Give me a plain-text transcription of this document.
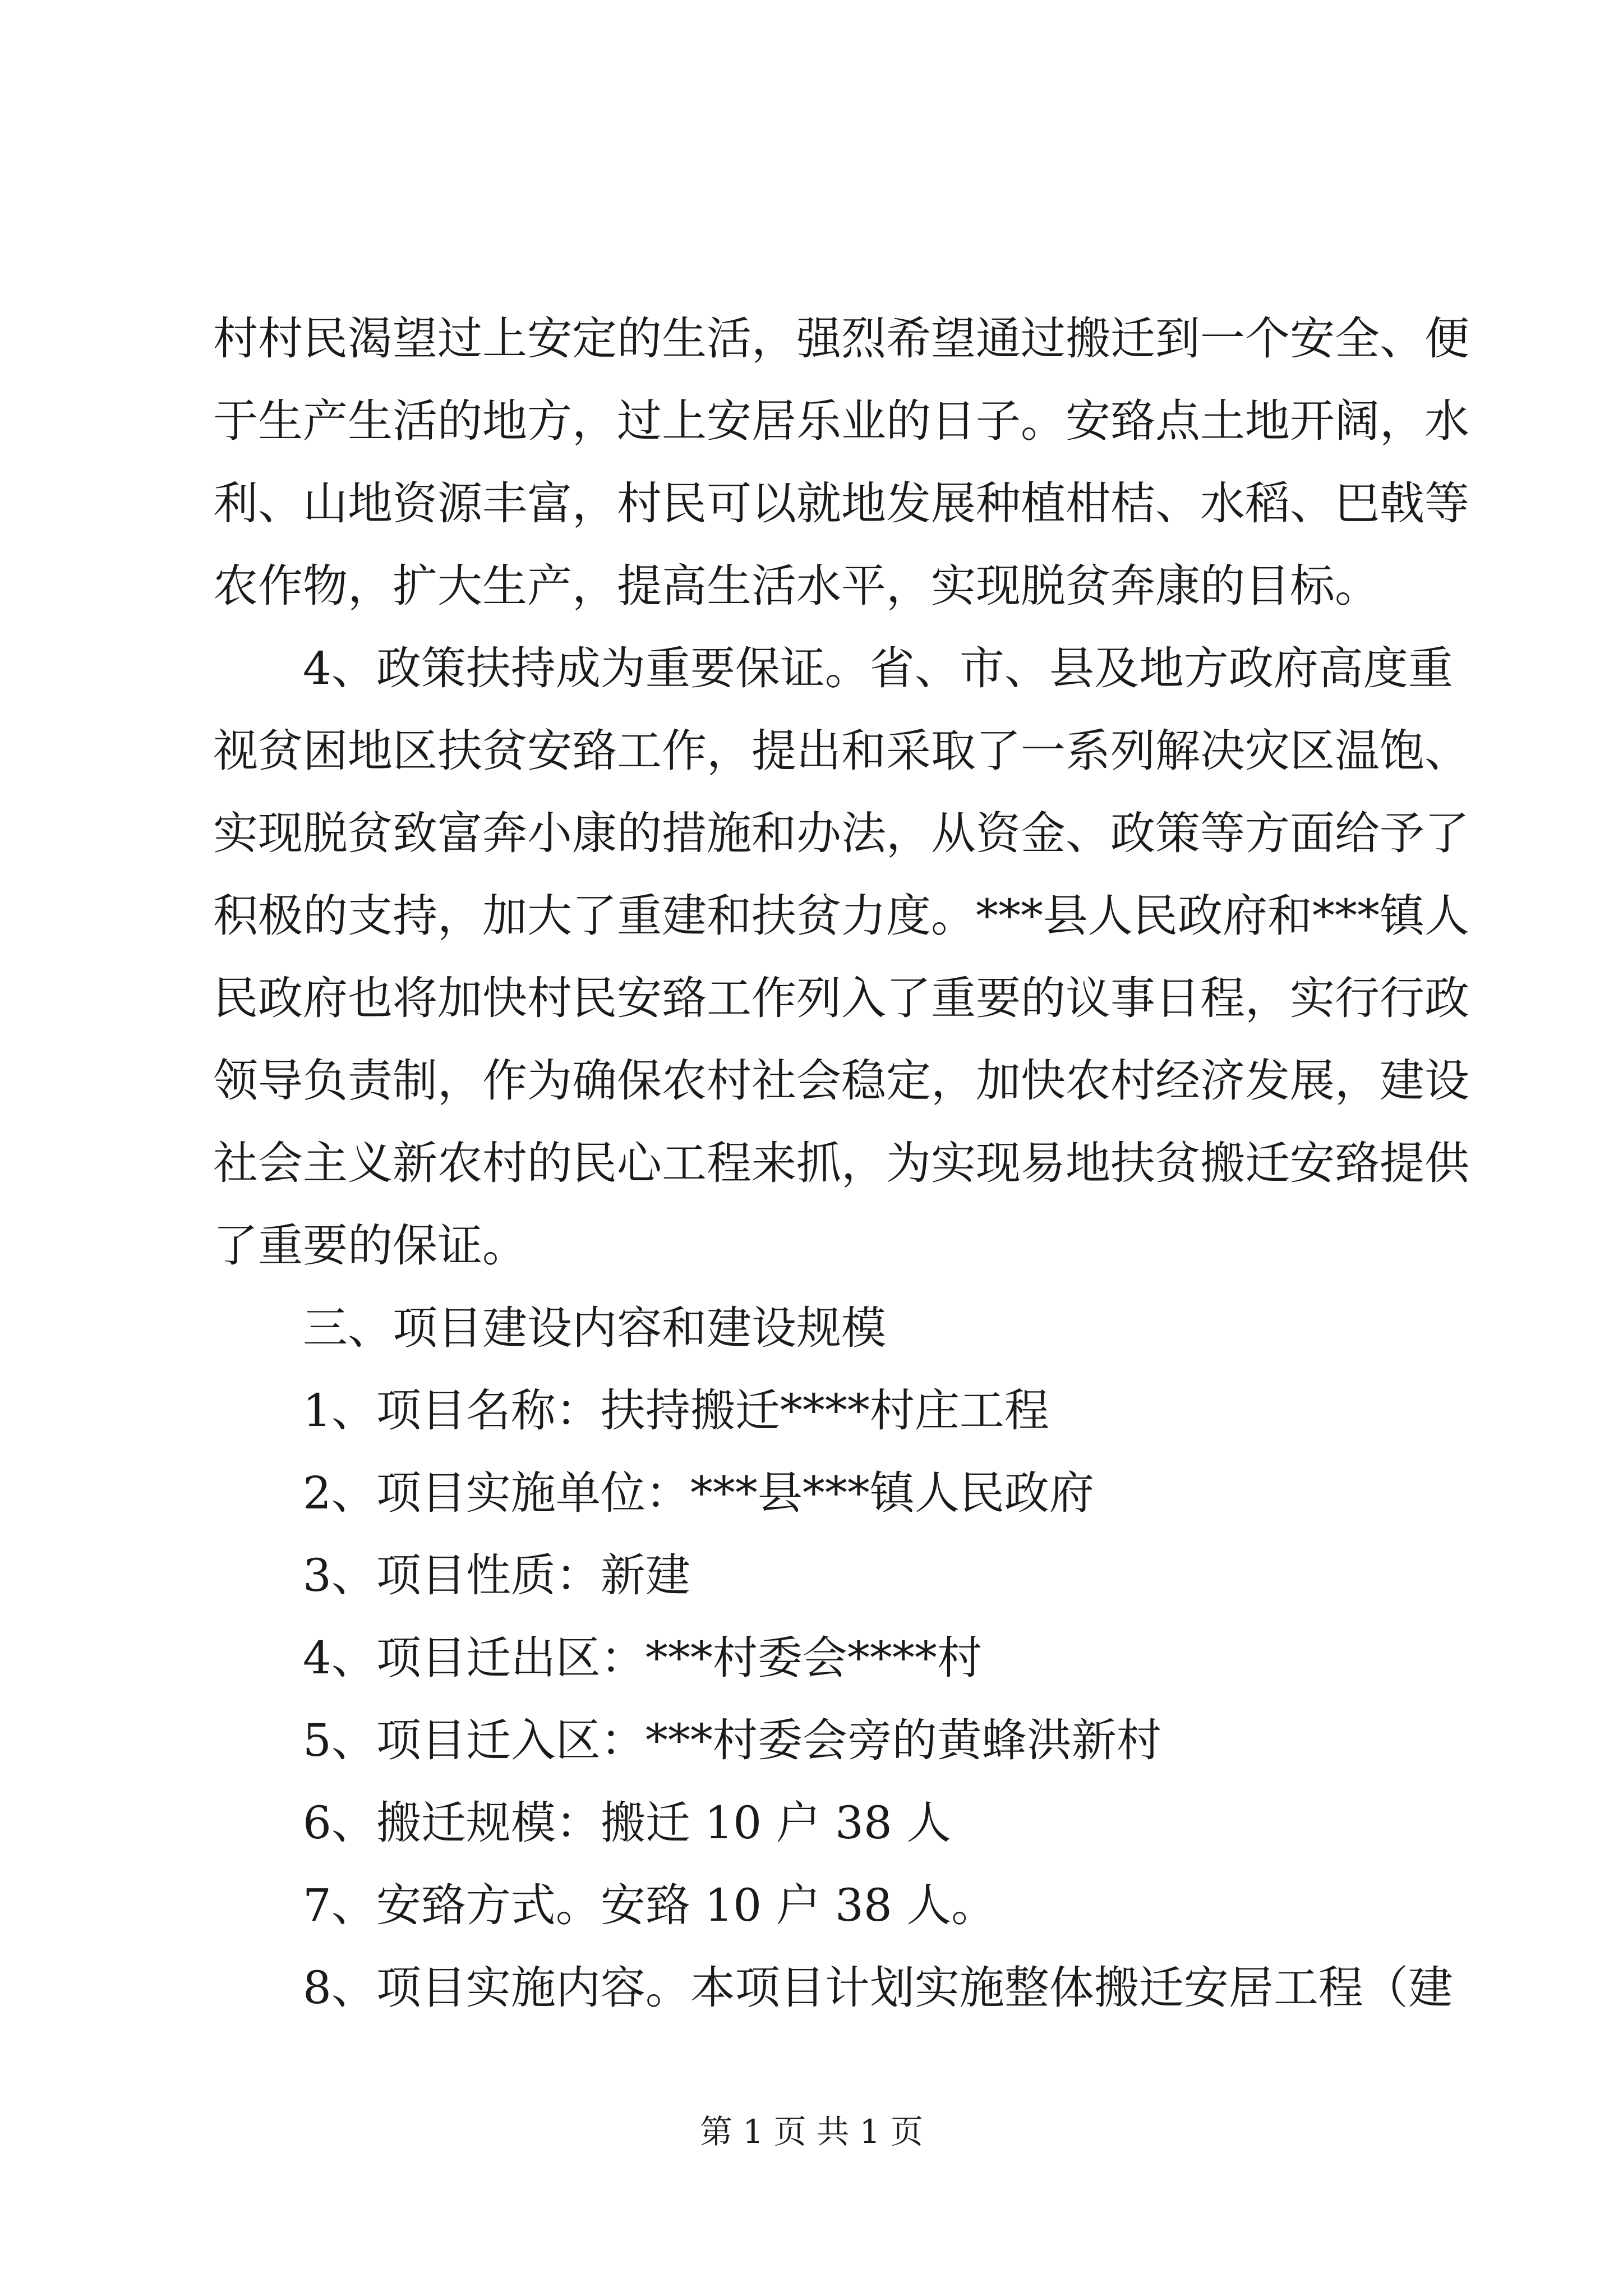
村村民渴望过上安定的生活，强烈希望通过搬迁到一个安全、便
于生产生活的地方，过上安居乐业的日子。安臵点土地开阔，水
利、山地资源丰富，村民可以就地发展种植柑桔、水稻、巴戟等
农作物，扩大生产，提高生活水平，实现脱贫奔康的目标。
4、政策扶持成为重要保证。省、市、县及地方政府高度重
视贫困地区扶贫安臵工作，提出和采取了一系列解决灾区温饱、
实现脱贫致富奔小康的措施和办法，从资金、政策等方面给予了
积极的支持，加大了重建和扶贫力度。***县人民政府和***镇人
民政府也将加快村民安臵工作列入了重要的议事日程，实行行政
领导负责制，作为确保农村社会稳定，加快农村经济发展，建设
社会主义新农村的民心工程来抓，为实现易地扶贫搬迁安臵提供
了重要的保证。
三、项目建设内容和建设规模
1、项目名称：扶持搬迁****村庄工程
2、项目实施单位：***县***镇人民政府
3、项目性质：新建
4、项目迁出区：***村委会****村
5、项目迁入区：***村委会旁的黄蜂洪新村
6、搬迁规模：搬迁 10 户 38 人
7、安臵方式。安臵 10 户 38 人。
8、项目实施内容。本项目计划实施整体搬迁安居工程（建
第 1 页 共 1 页
